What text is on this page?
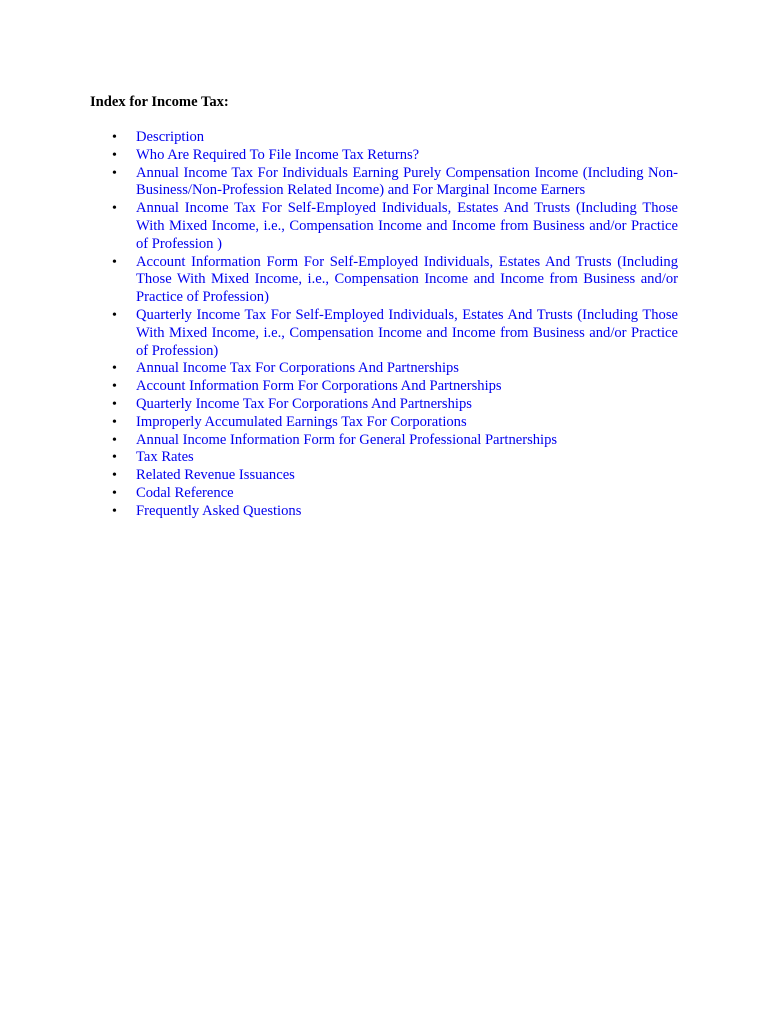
Index for Income Tax:
•	Description
•	Who Are Required To File Income Tax Returns?
•	Annual Income Tax For Individuals Earning Purely Compensation Income (Including Non-Business/Non-Profession Related Income) and For Marginal Income Earners
•	Annual Income Tax For Self-Employed Individuals, Estates And Trusts (Including Those With Mixed Income, i.e., Compensation Income and Income from Business and/or Practice of Profession )
•	Account Information Form For Self-Employed Individuals, Estates And Trusts (Including Those With Mixed Income, i.e., Compensation Income and Income from Business and/or Practice of Profession)
•	Quarterly Income Tax For Self-Employed Individuals, Estates And Trusts (Including Those With Mixed Income, i.e., Compensation Income and Income from Business and/or Practice of Profession)
•	Annual Income Tax For Corporations And Partnerships
•	Account Information Form For Corporations And Partnerships
•	Quarterly Income Tax For Corporations And Partnerships
•	Improperly Accumulated Earnings Tax For Corporations
•	Annual Income Information Form for General Professional Partnerships
•	Tax Rates
•	Related Revenue Issuances
•	Codal Reference
•	Frequently Asked Questions
